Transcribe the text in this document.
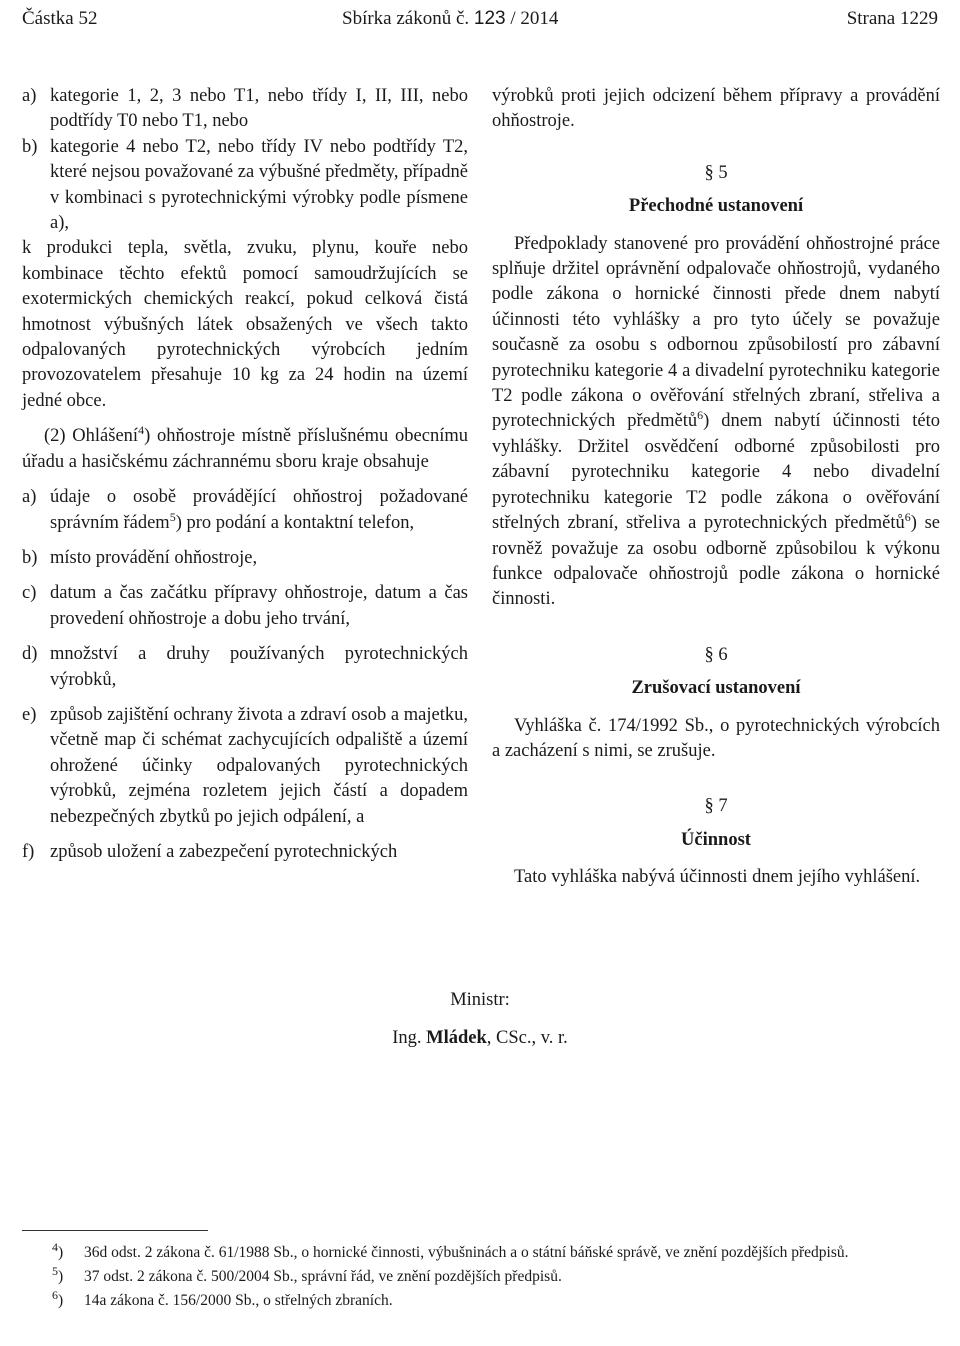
Částka 52	Sbírka zákonů č. 123 / 2014	Strana 1229
a) kategorie 1, 2, 3 nebo T1, nebo třídy I, II, III, nebo podtřídy T0 nebo T1, nebo
b) kategorie 4 nebo T2, nebo třídy IV nebo podtřídy T2, které nejsou považované za výbušné předměty, případně v kombinaci s pyrotechnickými výrobky podle písmene a),

k produkci tepla, světla, zvuku, plynu, kouře nebo kombinace těchto efektů pomocí samoudržujících se exotermických chemických reakcí, pokud celková čistá hmotnost výbušných látek obsažených ve všech takto odpalovaných pyrotechnických výrobcích jedním provozovatelem přesahuje 10 kg za 24 hodin na území jedné obce.

(2) Ohlášení$^4$) ohňostroje místně příslušnému obecnímu úřadu a hasičskému záchrannému sboru kraje obsahuje

a) údaje o osobě provádějící ohňostroj požadované správním řádem$^5$) pro podání a kontaktní telefon,
b) místo provádění ohňostroje,
c) datum a čas začátku přípravy ohňostroje, datum a čas provedení ohňostroje a dobu jeho trvání,
d) množství a druhy používaných pyrotechnických výrobků,
e) způsob zajištění ochrany života a zdraví osob a majetku, včetně map či schémat zachycujících odpaliště a území ohrožené účinky odpalovaných pyrotechnických výrobků, zejména rozletem jejich částí a dopadem nebezpečných zbytků po jejich odpálení, a
f) způsob uložení a zabezpečení pyrotechnických

výrobků proti jejich odcizení během přípravy a provádění ohňostroje.

§ 5

Přechodné ustanovení

Předpoklady stanovené pro provádění ohňostrojné práce splňuje držitel oprávnění odpalovače ohňostrojů, vydaného podle zákona o hornické činnosti přede dnem nabytí účinnosti této vyhlášky a pro tyto účely se považuje současně za osobu s odbornou způsobilostí pro zábavní pyrotechniku kategorie 4 a divadelní pyrotechniku kategorie T2 podle zákona o ověřování střelných zbraní, střeliva a pyrotechnických předmětů$^6$) dnem nabytí účinnosti této vyhlášky. Držitel osvědčení odborné způsobilosti pro zábavní pyrotechniku kategorie 4 nebo divadelní pyrotechniku kategorie T2 podle zákona o ověřování střelných zbraní, střeliva a pyrotechnických předmětů$^6$) se rovněž považuje za osobu odborně způsobilou k výkonu funkce odpalovače ohňostrojů podle zákona o hornické činnosti.

§ 6

Zrušovací ustanovení

Vyhláška č. 174/1992 Sb., o pyrotechnických výrobcích a zacházení s nimi, se zrušuje.

§ 7

Účinnost

Tato vyhláška nabývá účinnosti dnem jejího vyhlášení.

Ministr:
Ing. Mládek, CSc., v. r.
$^4$)	36d odst. 2 zákona č. 61/1988 Sb., o hornické činnosti, výbušninách a o státní báňské správě, ve znění pozdějších předpisů.
$^5$)	37 odst. 2 zákona č. 500/2004 Sb., správní řád, ve znění pozdějších předpisů.
$^6$)	14a zákona č. 156/2000 Sb., o střelných zbraních.
